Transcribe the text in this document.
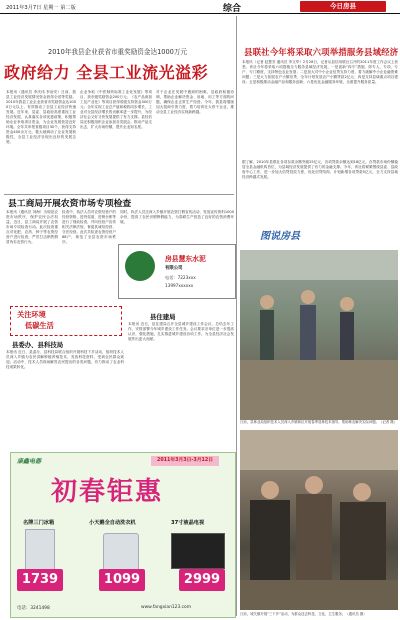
2011年3月7日 星期一 第二版	综合	今日房县
2010年我县企业获省市重奖励资金达1000万元
政府给力 全县工业流光溢彩
本报讯（通讯员 李庆伟 李治安）日前，我县工业经济发展情况资金获得全省等奖励。2010年我县工业企业获省市奖励资金达1000万元以上，有效推动了全县工业经济快速发展。近年来，县委、县政府高度重视工业经济发展，认真落实各项优惠政策，积极帮助企业争取项目资金，为企业发展营造良好环境。全年共申报省级项目30个，获得支持资金400余万元，极大地调动了企业发展积极性，全县工业经济呈现出良好的发展态势。
企业争取《中医制药标准工业化发展》等项目，获市级奖励资金200万元；《农产品深加工及产业化》等项目获得省级支持资金300万元；全年实现工业总产值和税收同步增长，工业对全县经济增长的贡献率进一步提升，为经济社会又好又快发展提供了有力支撑。县经信局还积极组织企业参加各类展会，推动产品走出去，扩大市场份额，提升企业知名度。
对于企业在发展中遇到的困难，县政府积极协调，帮助企业解决资金、用地、用工等方面的问题，确保企业正常生产经营。今年，我县将继续加大招商引资力度，着力培育壮大骨干企业，推动全县工业经济实现新跨越。
县工商局开展农资市场专项检查
本报讯（通讯员 刘海）为规范农资市场秩序，保护农民合法权益，近日，县工商局开展了农资市场专项检查行动。此次检查重点对化肥、农药、种子等农资经营户进行检查，严厉打击销售假冒伪劣农资行为。
检查中，执法人员对农资经营户的经营资格、进货渠道、进销台账等进行了细致检查，并向经营户宣传相关法律法规，督促其诚信经营、守法经营。此次共检查农资经营户68户，规范了全县农资市场秩序。
同时，执法人员还深入乡镇开展农资打假宣传活动，发放宣传资料1000余份，提高了农民识假辨假能力，为春耕生产营造了良好的农资消费环境。
房县慧东水泥
有限公司
电话：7223xxx
13997xxxxxx
关注环境
低碳生活
县委办、县科技局
本报讯 近日，县委办、县科技局联合组织开展科技下乡活动，组织技术人员深入乡镇为农民讲解种植养殖技术，发放科技资料，受到农民群众欢迎。活动中，技术人员现场解答农民提出的各类问题，有力推动了农业科技成果转化。
县住建局
本报讯 近日，县住建局召开全县城乡建设工作会议，总结去年工作，安排部署今年城乡建设工作任务。会议要求各单位进一步提高认识，强化措施，扎实推进城乡建设各项工作，为全县经济社会发展作出更大贡献。
康鑫电器	2011年3月3日-3月12日
初春钜惠
名牌三门冰箱	小天鹅全自动洗衣机	37寸液晶电视
1739	1099	2999
电话：3241498	www.fangxian123.com
县联社今年将采取六项举措服务县域经济
本报讯（记者 赵慧芳 通讯员 李文华）2月28日，记者从县信用联社召开的2011年度工作会议上获悉，该社今年将采取六项措施全力服务县域经济发展。一是创新“四专”措施，即专人、专项、专户、专门额度，支持特色农业发展；二是加大对中小企业信贷支持力度，着力破解中小企业融资难问题；三是大力拓展农户小额信贷，全年计划发放农户小额贷款2亿元；四是支持县域重点项目建设；五是积极推动金融产品和服务创新；六是优化金融服务环境，全面提升服务质量。
据了解，2010年县联社各项存款余额突破25亿元，各项贷款余额达到18亿元，存贷款市场份额稳居全县金融机构首位，为县域经济发展提供了有力的金融支撑。今年，该社将紧紧围绕县委、县政府中心工作，进一步加大信贷投放力度，优化信贷结构，计划新增各项贷款5亿元，全力支持县域经济跨越式发展。
图说房县
日前，县林业局组织技术人员深入乡镇林区开展春季造林技术指导，帮助林农解决实际问题。（记者 摄）
日前，城关镇开展“三下乡”活动，为群众送去科技、文化、卫生服务。（通讯员 摄）
